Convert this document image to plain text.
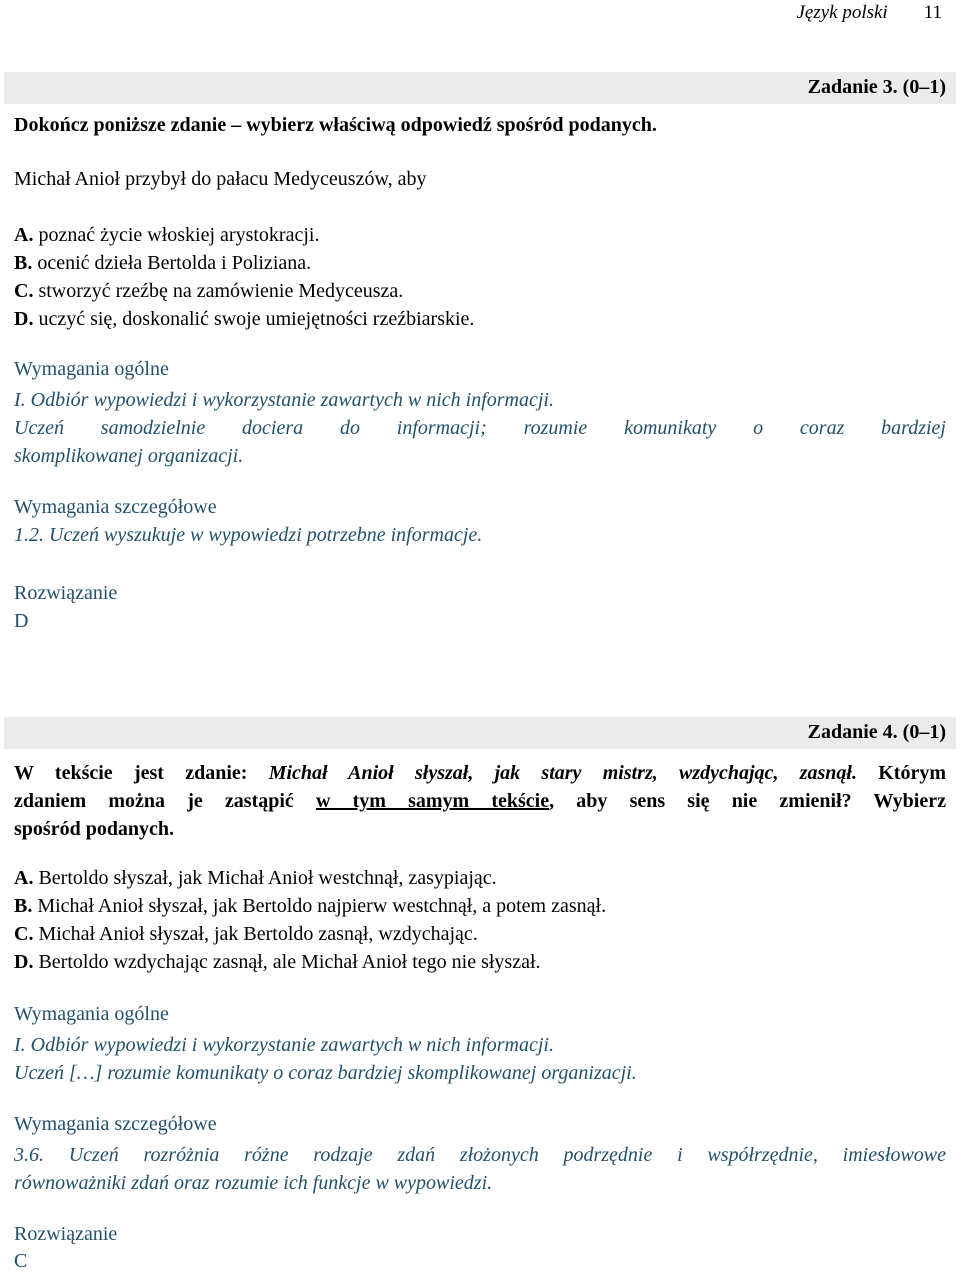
Język polski 11
Zadanie 3. (0–1)
Dokończ poniższe zdanie – wybierz właściwą odpowiedź spośród podanych.
Michał Anioł przybył do pałacu Medyceuszów, aby
A. poznać życie włoskiej arystokracji.
B. ocenić dzieła Bertolda i Poliziana.
C. stworzyć rzeźbę na zamówienie Medyceusza.
D. uczyć się, doskonalić swoje umiejętności rzeźbiarskie.
Wymagania ogólne
I. Odbiór wypowiedzi i wykorzystanie zawartych w nich informacji.
Uczeń samodzielnie dociera do informacji; rozumie komunikaty o coraz bardziej
skomplikowanej organizacji.
Wymagania szczegółowe
1.2. Uczeń wyszukuje w wypowiedzi potrzebne informacje.
Rozwiązanie
D
Zadanie 4. (0–1)
W tekście jest zdanie: Michał Anioł słyszał, jak stary mistrz, wzdychając, zasnął. Którym
zdaniem można je zastąpić w tym samym tekście, aby sens się nie zmienił? Wybierz
spośród podanych.
A. Bertoldo słyszał, jak Michał Anioł westchnął, zasypiając.
B. Michał Anioł słyszał, jak Bertoldo najpierw westchnął, a potem zasnął.
C. Michał Anioł słyszał, jak Bertoldo zasnął, wzdychając.
D. Bertoldo wzdychając zasnął, ale Michał Anioł tego nie słyszał.
Wymagania ogólne
I. Odbiór wypowiedzi i wykorzystanie zawartych w nich informacji.
Uczeń […] rozumie komunikaty o coraz bardziej skomplikowanej organizacji.
Wymagania szczegółowe
3.6. Uczeń rozróżnia różne rodzaje zdań złożonych podrzędnie i współrzędnie, imiesłowowe
równoważniki zdań oraz rozumie ich funkcje w wypowiedzi.
Rozwiązanie
C
